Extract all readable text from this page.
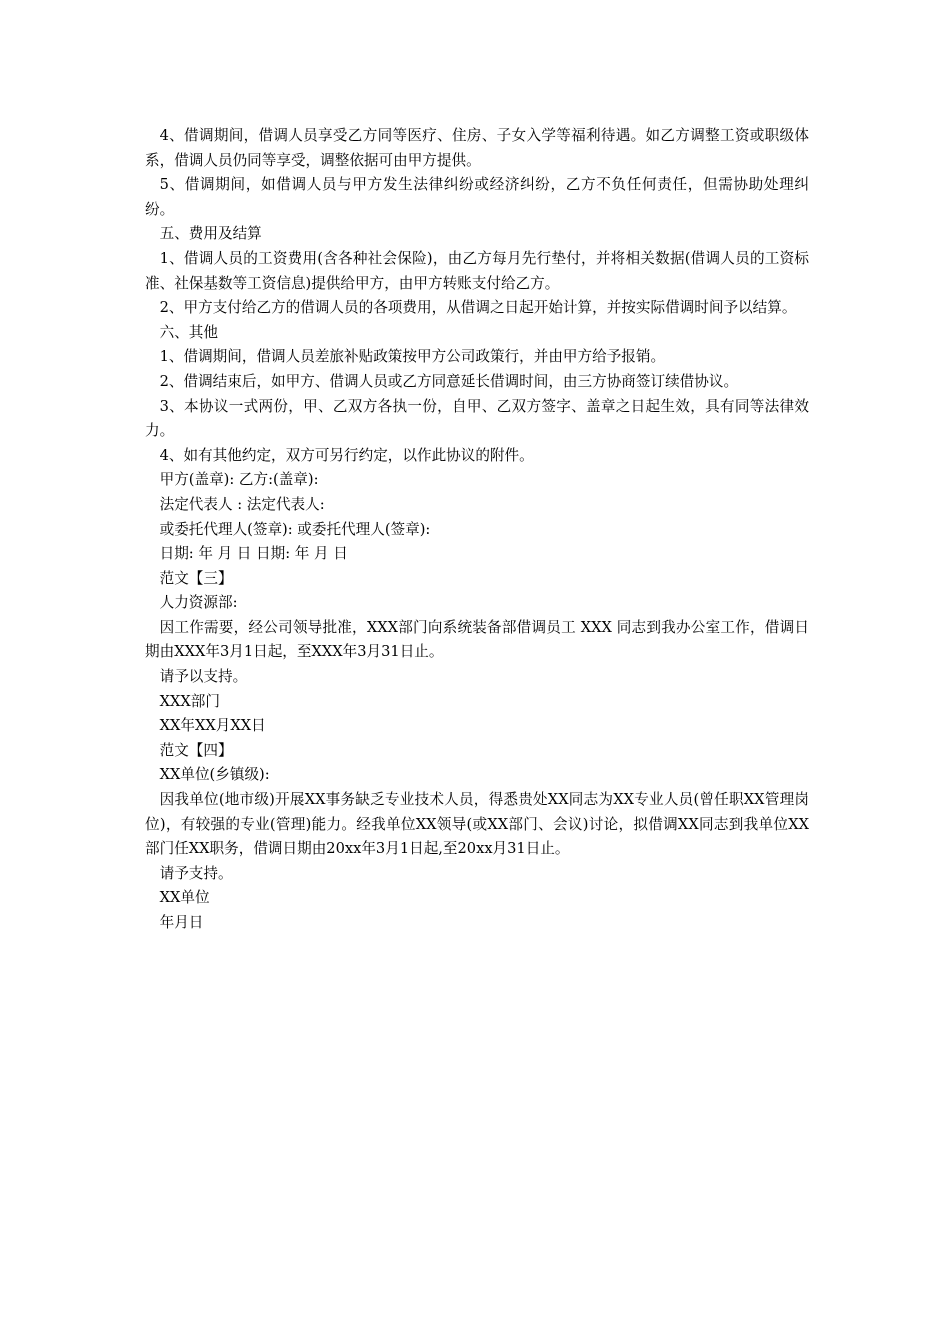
4、借调期间，借调人员享受乙方同等医疗、住房、子女入学等福利待遇。如乙方调整工资或职级体系，借调人员仍同等享受，调整依据可由甲方提供。

5、借调期间，如借调人员与甲方发生法律纠纷或经济纠纷，乙方不负任何责任，但需协助处理纠纷。

五、费用及结算

1、借调人员的工资费用(含各种社会保险)，由乙方每月先行垫付，并将相关数据(借调人员的工资标准、社保基数等工资信息)提供给甲方，由甲方转账支付给乙方。

2、甲方支付给乙方的借调人员的各项费用，从借调之日起开始计算，并按实际借调时间予以结算。

六、其他

1、借调期间，借调人员差旅补贴政策按甲方公司政策行，并由甲方给予报销。

2、借调结束后，如甲方、借调人员或乙方同意延长借调时间，由三方协商签订续借协议。

3、本协议一式两份，甲、乙双方各执一份，自甲、乙双方签字、盖章之日起生效，具有同等法律效力。

4、如有其他约定，双方可另行约定，以作此协议的附件。

甲方(盖章): 乙方:(盖章):

法定代表人 : 法定代表人:

或委托代理人(签章): 或委托代理人(签章):

日期: 年 月 日 日期: 年 月 日

范文【三】

人力资源部:

因工作需要，经公司领导批准，XXX部门向系统装备部借调员工 XXX 同志到我办公室工作，借调日期由XXX年3月1日起，至XXX年3月31日止。

请予以支持。

XXX部门

XX年XX月XX日

范文【四】

XX单位(乡镇级):

因我单位(地市级)开展XX事务缺乏专业技术人员，得悉贵处XX同志为XX专业人员(曾任职XX管理岗位)，有较强的专业(管理)能力。经我单位XX领导(或XX部门、会议)讨论，拟借调XX同志到我单位XX部门任XX职务，借调日期由20xx年3月1日起,至20xx月31日止。

请予支持。

XX单位

年月日
